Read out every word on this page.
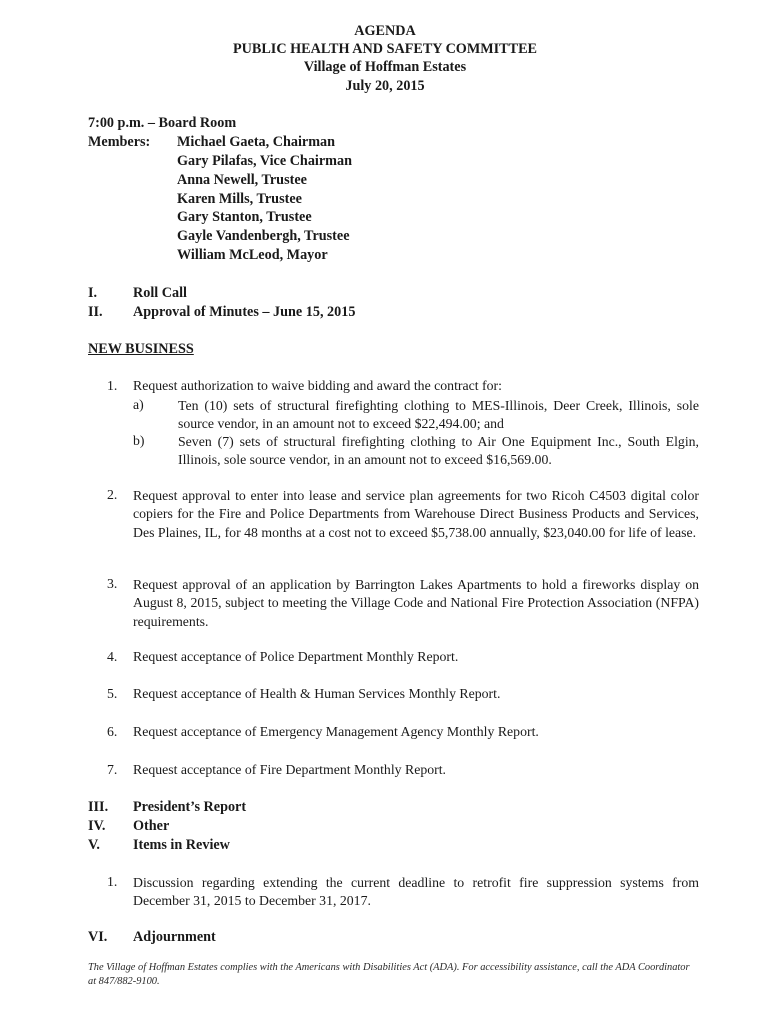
AGENDA
PUBLIC HEALTH AND SAFETY COMMITTEE
Village of Hoffman Estates
July 20, 2015
7:00 p.m. – Board Room
Members: Michael Gaeta, Chairman
Gary Pilafas, Vice Chairman
Anna Newell, Trustee
Karen Mills, Trustee
Gary Stanton, Trustee
Gayle Vandenbergh, Trustee
William McLeod, Mayor
I.	Roll Call
II. Approval of Minutes – June 15, 2015
NEW BUSINESS
1. Request authorization to waive bidding and award the contract for:
a) Ten (10) sets of structural firefighting clothing to MES-Illinois, Deer Creek, Illinois, sole source vendor, in an amount not to exceed $22,494.00; and
b) Seven (7) sets of structural firefighting clothing to Air One Equipment Inc., South Elgin, Illinois, sole source vendor, in an amount not to exceed $16,569.00.
2. Request approval to enter into lease and service plan agreements for two Ricoh C4503 digital color copiers for the Fire and Police Departments from Warehouse Direct Business Products and Services, Des Plaines, IL, for 48 months at a cost not to exceed $5,738.00 annually, $23,040.00 for life of lease.
3. Request approval of an application by Barrington Lakes Apartments to hold a fireworks display on August 8, 2015, subject to meeting the Village Code and National Fire Protection Association (NFPA) requirements.
4. Request acceptance of Police Department Monthly Report.
5. Request acceptance of Health & Human Services Monthly Report.
6. Request acceptance of Emergency Management Agency Monthly Report.
7. Request acceptance of Fire Department Monthly Report.
III. President’s Report
IV. Other
V. Items in Review
1. Discussion regarding extending the current deadline to retrofit fire suppression systems from December 31, 2015 to December 31, 2017.
VI. Adjournment
The Village of Hoffman Estates complies with the Americans with Disabilities Act (ADA). For accessibility assistance, call the ADA Coordinator at 847/882-9100.
